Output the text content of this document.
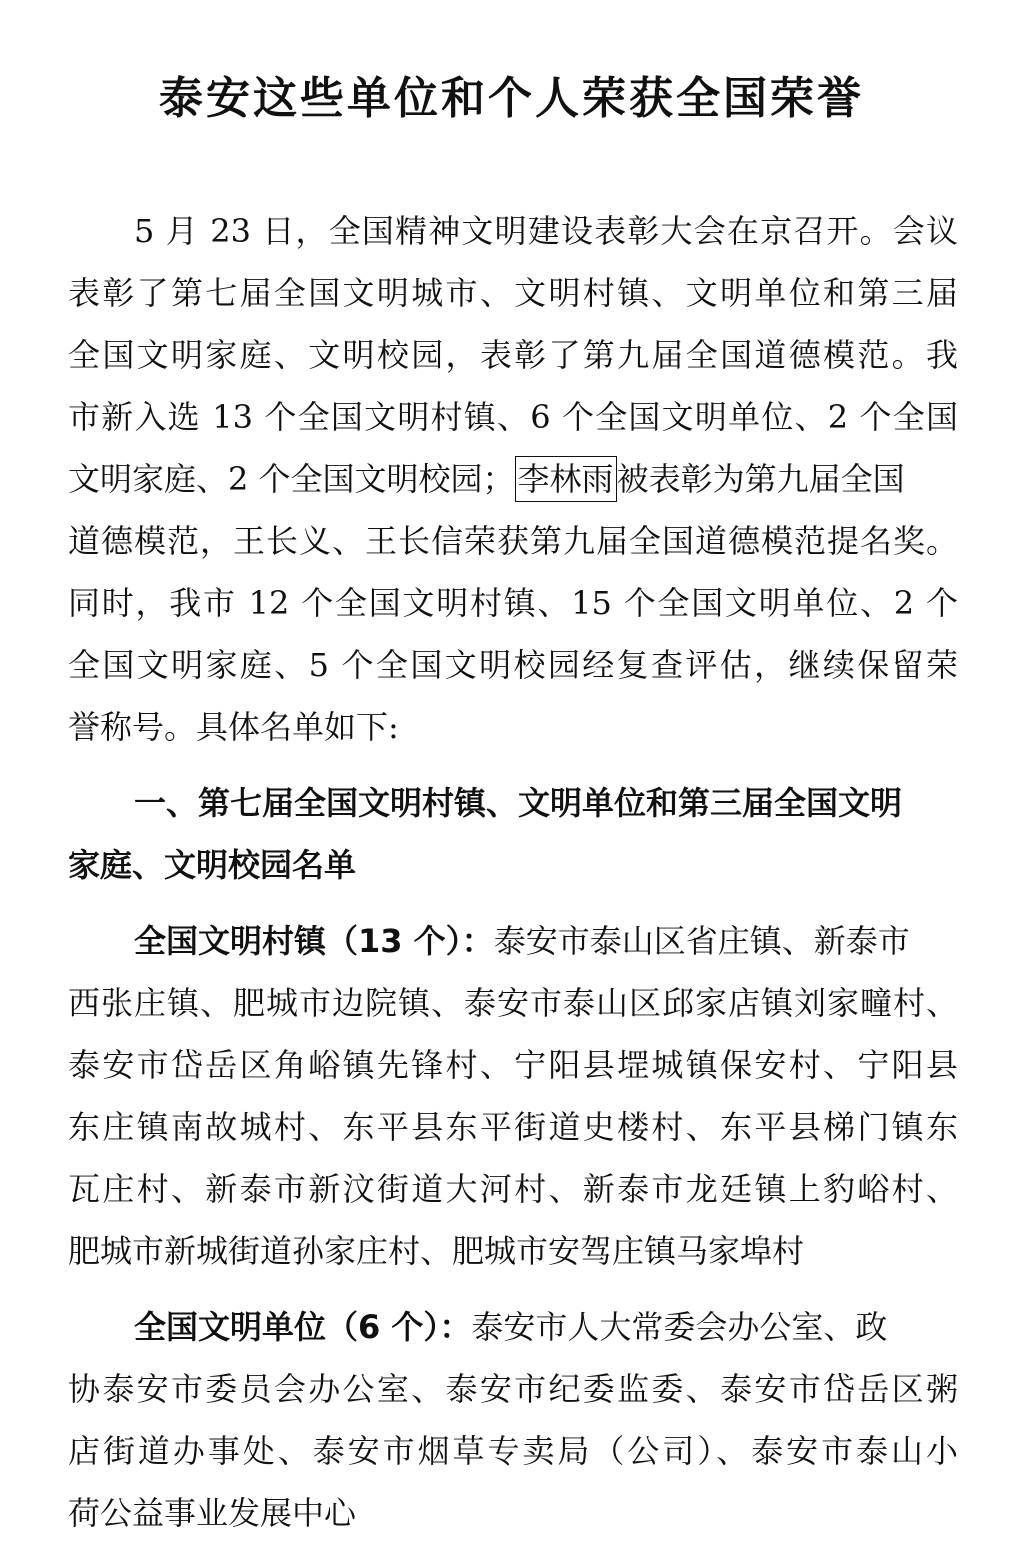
泰安这些单位和个人荣获全国荣誉
5 月 23 日，全国精神文明建设表彰大会在京召开。会议
表彰了第七届全国文明城市、文明村镇、文明单位和第三届
全国文明家庭、文明校园，表彰了第九届全国道德模范。我
市新入选 13 个全国文明村镇、6 个全国文明单位、2 个全国
文明家庭、2 个全国文明校园；李林雨被表彰为第九届全国
道德模范，王长义、王长信荣获第九届全国道德模范提名奖。
同时，我市 12 个全国文明村镇、15 个全国文明单位、2 个
全国文明家庭、5 个全国文明校园经复查评估，继续保留荣
誉称号。具体名单如下:
一、第七届全国文明村镇、文明单位和第三届全国文明
家庭、文明校园名单
全国文明村镇（13 个）：泰安市泰山区省庄镇、新泰市
西张庄镇、肥城市边院镇、泰安市泰山区邱家店镇刘家疃村、
泰安市岱岳区角峪镇先锋村、宁阳县堽城镇保安村、宁阳县
东庄镇南故城村、东平县东平街道史楼村、东平县梯门镇东
瓦庄村、新泰市新汶街道大河村、新泰市龙廷镇上豹峪村、
肥城市新城街道孙家庄村、肥城市安驾庄镇马家埠村
全国文明单位（6 个）：泰安市人大常委会办公室、政
协泰安市委员会办公室、泰安市纪委监委、泰安市岱岳区粥
店街道办事处、泰安市烟草专卖局（公司）、泰安市泰山小
荷公益事业发展中心
